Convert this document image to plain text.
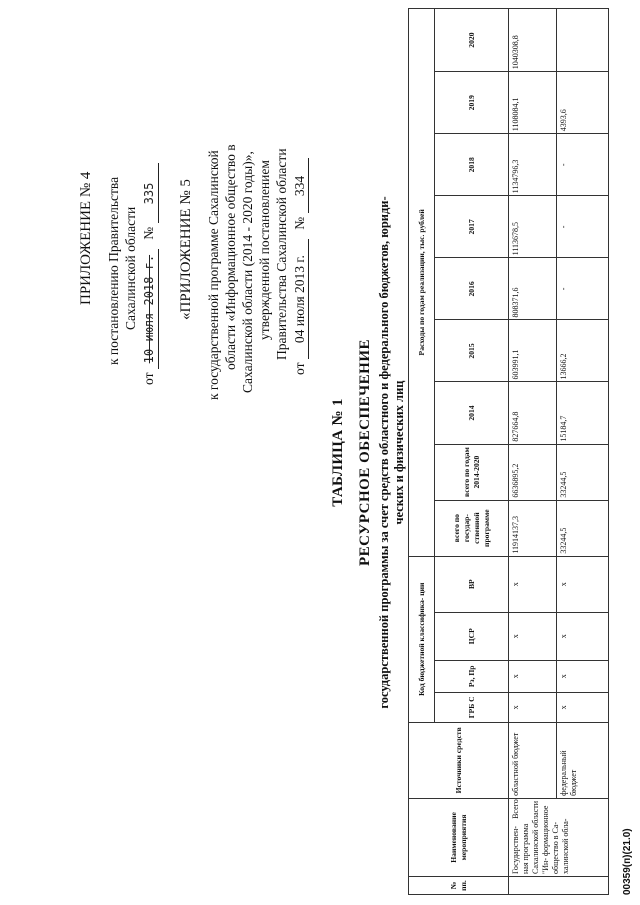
ПРИЛОЖЕНИЕ № 4 к постановлению Правительства Сахалинской области
от 10 июля 2018 г. № 335 «ПРИЛОЖЕНИЕ № 5 к государственной программе Сахалинской области «Информационное общество в Сахалинской области (2014 - 2020 годы)», утвержденной постановлением Правительства Сахалинской области
от 04 июля 2013 г. № 334
ТАБЛИЦА № 1 РЕСУРСНОЕ ОБЕСПЕЧЕНИЕ государственной программы за счет средств областного и федерального бюджетов, юриди- ческих и физических лиц
№ пп.	Наименование мероприятия	Источники средств	Код бюджетной классифика- ции				Расходы по годам реализации, тыс. рублей								
			ГРБ С	Рз, Пр	ЦСР	ВР	всего по государ- ственной программе	всего по годам 2014-2020	2014	2015	2016	2017	2018	2019	2020

	Всего
Государствен- ная программа Сахалинской области "Ин- формационное общество в Са- халинской обла-	областной бюджет	x	x	x	x	11914137,3	6636895,2	827664,8	603991,1	808371,6	1113678,5	1134796,3	1108084,1	1040308,8
		федеральный бюджет	x	x	x	x	33244,5	33244,5	15184,7	13666,2	-	-	-	4393,6	
00359(п)(21.0)
